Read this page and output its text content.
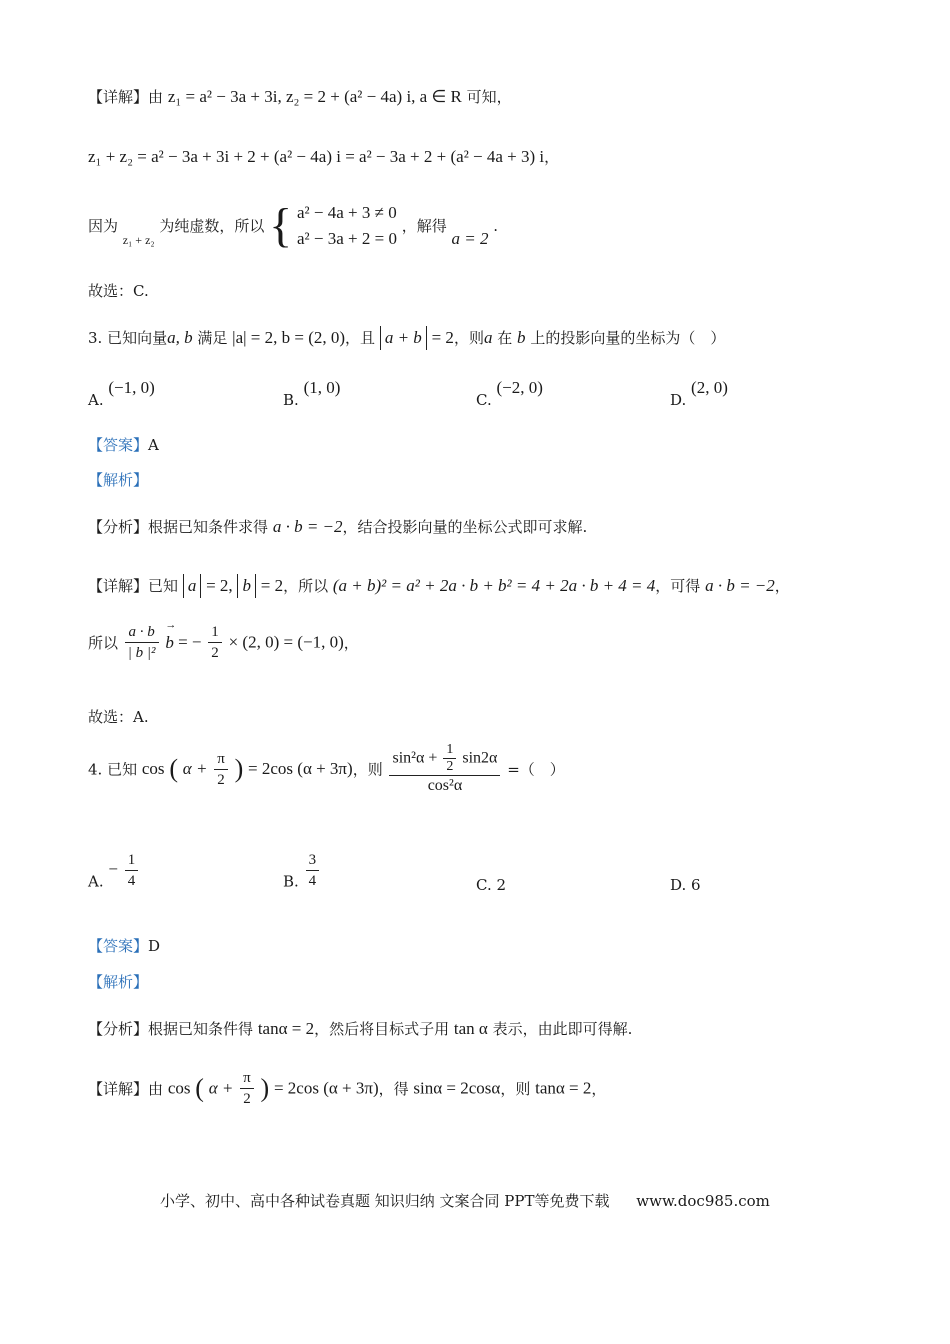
【详解】由 z₁ = a² − 3a + 3i, z₂ = 2 + (a² − 4a) i, a ∈ R 可知，
z₁ + z₂ = a² − 3a + 3i + 2 + (a² − 4a) i = a² − 3a + 2 + (a² − 4a + 3) i，
因为 $_{z_1 + z_2}$ 为纯虚数，所以 { a² − 4a + 3 ≠ 0
a² − 3a + 2 = 0
，解得 a = 2 .
故选：C.
3. 已知向量a, b 满足 |a| = 2, b = (2, 0)，且 a + b = 2，则a 在 b 上的投影向量的坐标为（　）
A. (−1, 0)
B. (1, 0)
C. (−2, 0)
D. (2, 0)
【答案】A
【解析】
【分析】根据已知条件求得 a · b = −2，结合投影向量的坐标公式即可求解.
【详解】已知 a = 2, b = 2，所以 (a + b)² = a² + 2a · b + b² = 4 + 2a · b + 4 = 4，可得 a · b = −2，
所以 $\frac{a \cdot b}{\text{| b |²}}$ b
→
= − $\frac{1}{2} \times (2$, 0) = (−1, 0)，
故选：A.
4. 已知 cos ( $\alpha + \frac{\pi}{2}$ ) = 2cos (α + 3π)，则 $\frac{\sin^2\alpha + \frac{1}{2} \sin 2\alpha}{\text{cos²α}}$ =（　）
A. − $\frac{1}{4}$	B. $\frac{3}{4}$	C. 2	D. 6
【答案】D
【解析】
【分析】根据已知条件得 tanα = 2，然后将目标式子用 tan α 表示，由此即可得解.
【详解】由 cos ( $\alpha + \frac{\pi}{2}$ ) = 2cos (α + 3π)，得 sinα = 2cosα，则 tanα = 2，
小学、初中、高中各种试卷真题 知识归纳 文案合同 PPT等免费下载 www.doc985.com
